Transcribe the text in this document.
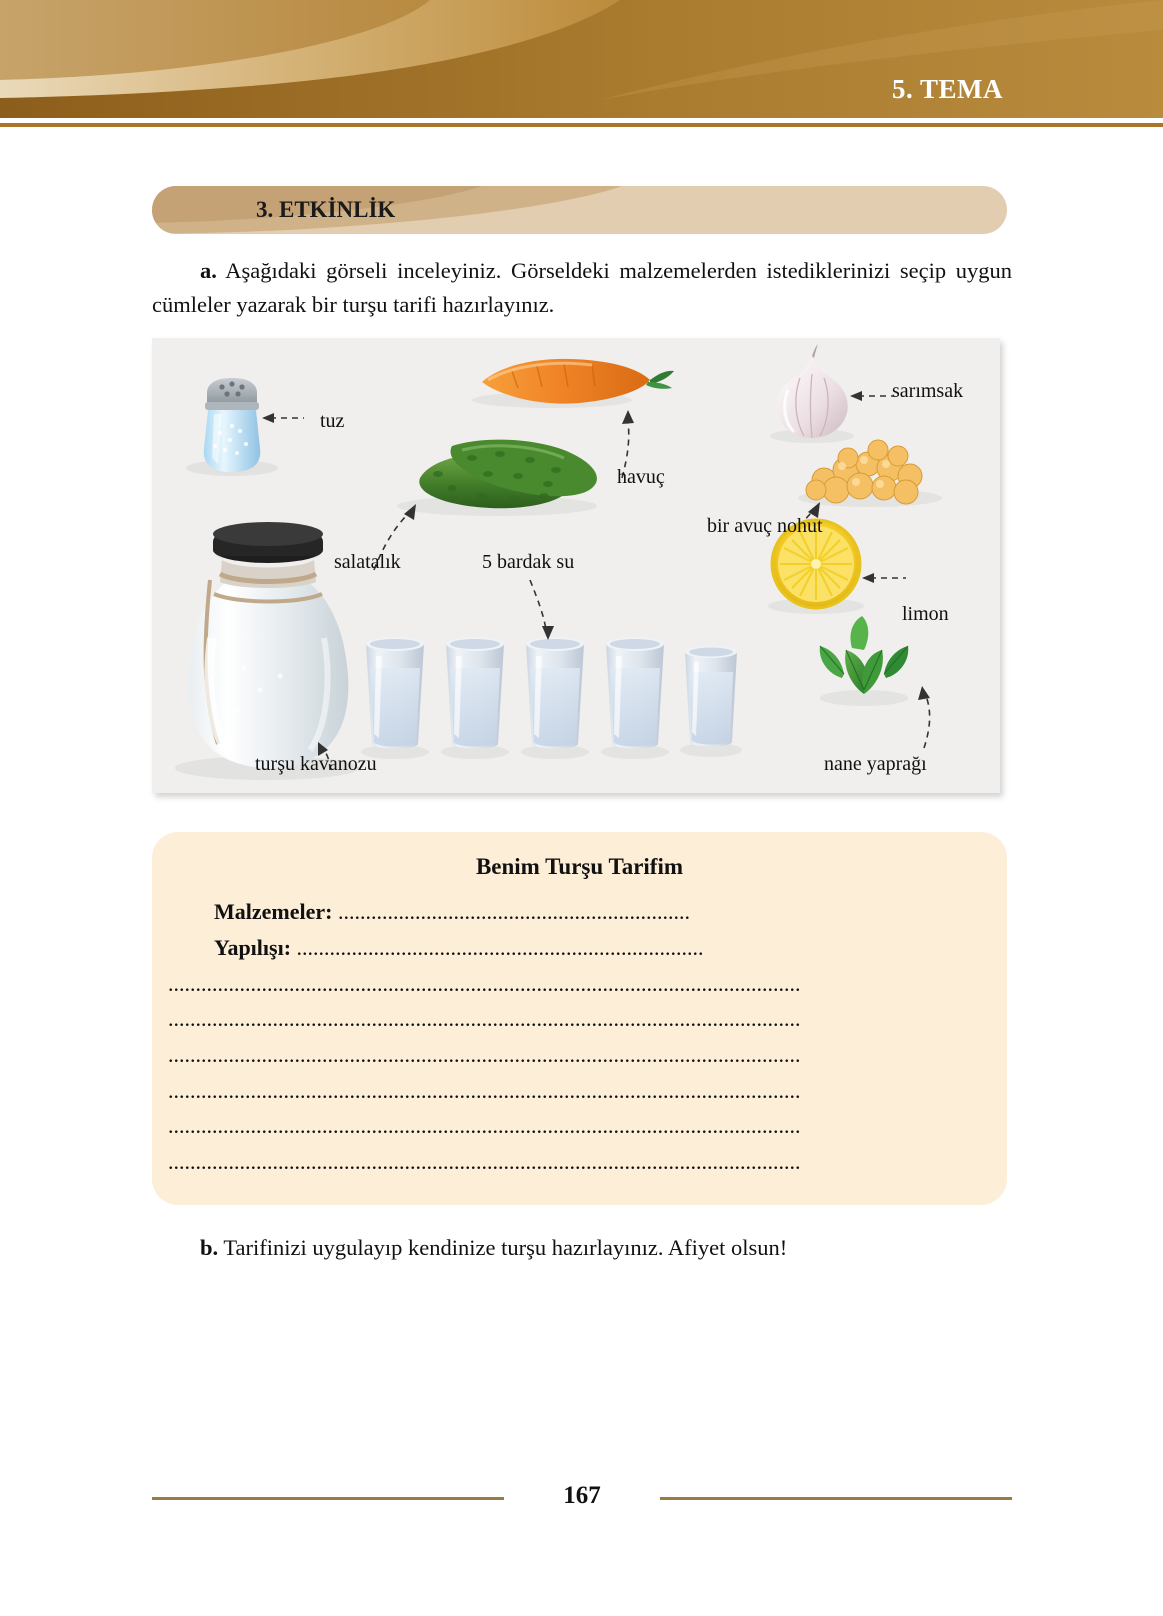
5. TEMA
3. ETKİNLİK
a. Aşağıdaki görseli inceleyiniz. Görseldeki malzemelerden istediklerinizi seçip uygun cümleler yazarak bir turşu tarifi hazırlayınız.
tuz
sarımsak
havuç
bir avuç nohut
salatalık	5 bardak su
limon
turşu kavanozu	nane yaprağı
Benim Turşu Tarifim
Malzemeler: ................................................................
Yapılışı: ..........................................................................
...................................................................................................................
...................................................................................................................
...................................................................................................................
...................................................................................................................
...................................................................................................................
...................................................................................................................
b. Tarifinizi uygulayıp kendinize turşu hazırlayınız. Afiyet olsun!
167
